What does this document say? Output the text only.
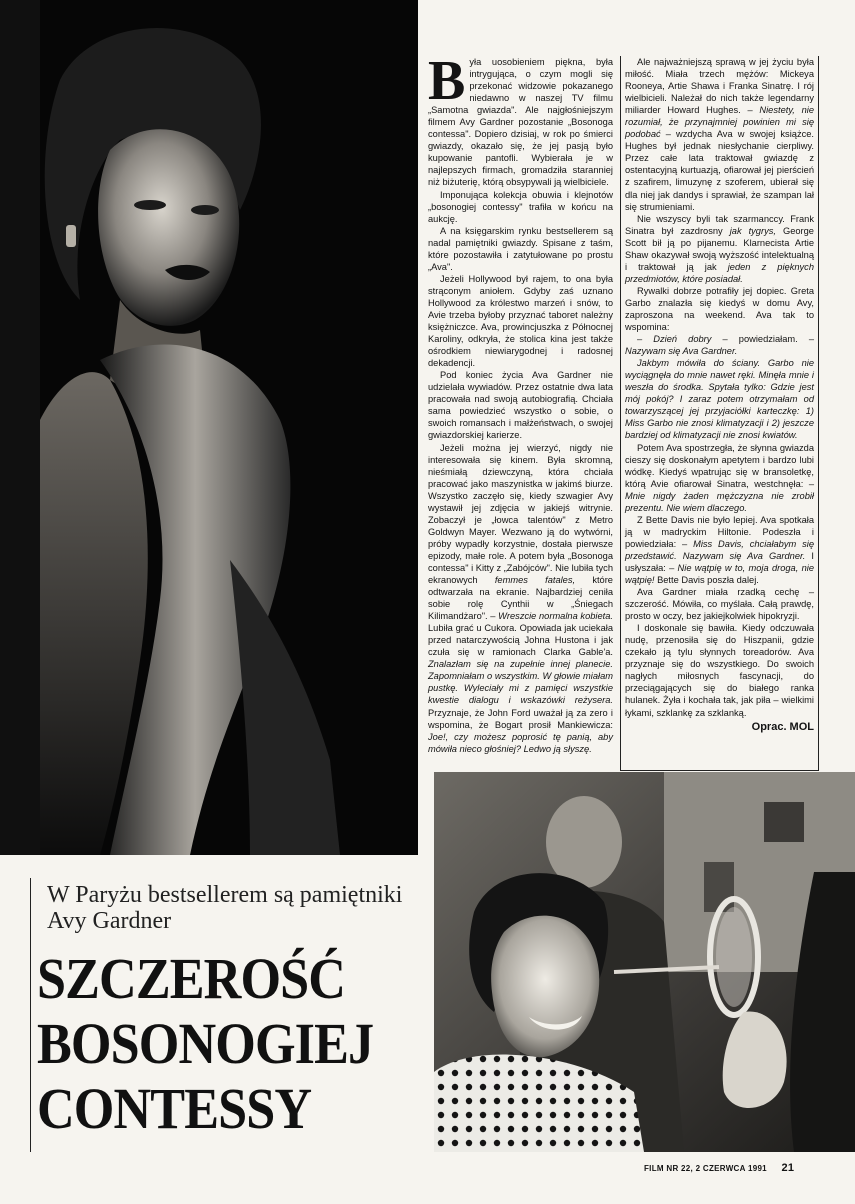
B yła uosobieniem piękna, była intrygująca, o czym mogli się przekonać widzowie pokazanego niedawno w naszej TV filmu „Samotna gwiazda". Ale najgłośniejszym filmem Avy Gardner pozostanie „Bosonoga contessa". Dopiero dzisiaj, w rok po śmierci gwiazdy, okazało się, że jej pasją było kupowanie pantofli. Wybierała je w najlepszych firmach, gromadziła staranniej niż biżuterię, którą obsypywali ją wielbiciele.

Imponująca kolekcja obuwia i klejnotów „bosonogiej contessy" trafiła w końcu na aukcję.

A na księgarskim rynku bestsellerem są nadal pamiętniki gwiazdy. Spisane z taśm, które pozostawiła i zatytułowane po prostu „Ava".

Jeżeli Hollywood był rajem, to ona była strąconym aniołem. Gdyby zaś uznano Hollywood za królestwo marzeń i snów, to Avie trzeba byłoby przyznać taboret należny księżniczce. Ava, prowincjuszka z Północnej Karoliny, odkryła, że stolica kina jest także ośrodkiem niewiarygodnej i radosnej dekadencji.

Pod koniec życia Ava Gardner nie udzielała wywiadów. Przez ostatnie dwa lata pracowała nad swoją autobiografią. Chciała sama powiedzieć wszystko o sobie, o swoich romansach i małżeństwach, o swojej gwiazdorskiej karierze.

Jeżeli można jej wierzyć, nigdy nie interesowała się kinem. Była skromną, nieśmiałą dziewczyną, która chciała pracować jako maszynistka w jakimś biurze. Wszystko zaczęło się, kiedy szwagier Avy wystawił jej zdjęcia w jakiejś witrynie. Zobaczył je „łowca talentów" z Metro Goldwyn Mayer. Wezwano ją do wytwórni, próby wypadły korzystnie, dostała pierwsze epizody, małe role. A potem była „Bosonoga contessa" i Kitty z „Zabójców". Nie lubiła tych ekranowych femmes fatales, które odtwarzała na ekranie. Najbardziej ceniła sobie rolę Cynthii w „Śniegach Kilimandżaro". – Wreszcie normalna kobieta. Lubiła grać u Cukora. Opowiada jak uciekała przed natarczywością Johna Hustona i jak czuła się w ramionach Clarka Gable'a. Znalazłam się na zupełnie innej planecie. Zapomniałam o wszystkim. W głowie miałam pustkę. Wyleciały mi z pamięci wszystkie kwestie dialogu i wskazówki reżysera. Przyznaje, że John Ford uważał ją za zero i wspomina, że Bogart prosił Mankiewicza: Joe!, czy możesz poprosić tę panią, aby mówiła nieco głośniej? Ledwo ją słyszę.

Ale najważniejszą sprawą w jej życiu była miłość. Miała trzech mężów: Mickeya Rooneya, Artie Shawa i Franka Sinatrę. I rój wielbicieli. Należał do nich także legendarny miliarder Howard Hughes. – Niestety, nie rozumiał, że przynajmniej powinien mi się podobać – wzdycha Ava w swojej książce. Hughes był jednak niesłychanie cierpliwy. Przez całe lata traktował gwiazdę z ostentacyjną kurtuazją, ofiarował jej pierścień z szafirem, limuzynę z szoferem, ubierał się dla niej jak dandys i sprawiał, że szampan lał się strumieniami.

Nie wszyscy byli tak szarmanccy. Frank Sinatra był zazdrosny jak tygrys, George Scott bił ją po pijanemu. Klarnecista Artie Shaw okazywał swoją wyższość intelektualną i traktował ją jak jeden z pięknych przedmiotów, które posiadał.

Rywalki dobrze potrafiły jej dopiec. Greta Garbo znalazła się kiedyś w domu Avy, zaproszona na weekend. Ava tak to wspomina:

– Dzień dobry – powiedziałam. – Nazywam się Ava Gardner.

Jakbym mówiła do ściany. Garbo nie wyciągnęła do mnie nawet ręki. Minęła mnie i weszła do środka. Spytała tylko: Gdzie jest mój pokój? I zaraz potem otrzymałam od towarzyszącej jej przyjaciółki karteczkę: 1) Miss Garbo nie znosi klimatyzacji i 2) jeszcze bardziej od klimatyzacji nie znosi kwiatów.

Potem Ava spostrzegła, że słynna gwiazda cieszy się doskonałym apetytem i bardzo lubi wódkę. Kiedyś wpatrując się w bransoletkę, którą Avie ofiarował Sinatra, westchnęła: – Mnie nigdy żaden mężczyzna nie zrobił prezentu. Nie wiem dlaczego.

Z Bette Davis nie było lepiej. Ava spotkała ją w madryckim Hiltonie. Podeszła i powiedziała: – Miss Davis, chciałabym się przedstawić. Nazywam się Ava Gardner. I usłyszała: – Nie wątpię w to, moja droga, nie wątpię! Bette Davis poszła dalej.

Ava Gardner miała rzadką cechę – szczerość. Mówiła, co myślała. Całą prawdę, prosto w oczy, bez jakiejkolwiek hipokryzji.

I doskonale się bawiła. Kiedy odczuwała nudę, przenosiła się do Hiszpanii, gdzie czekało ją tylu słynnych toreadorów. Ava przyznaje się do wszystkiego. Do swoich nagłych miłosnych fascynacji, do przeciągających się do białego ranka hulanek. Żyła i kochała tak, jak piła – wielkimi łykami, szklankę za szklanką.

Oprac. MOL
W Paryżu bestsellerem są pamiętniki Avy Gardner
SZCZEROŚĆ
BOSONOGIEJ
CONTESSY
FILM NR 22, 2 CZERWCA 1991 21
